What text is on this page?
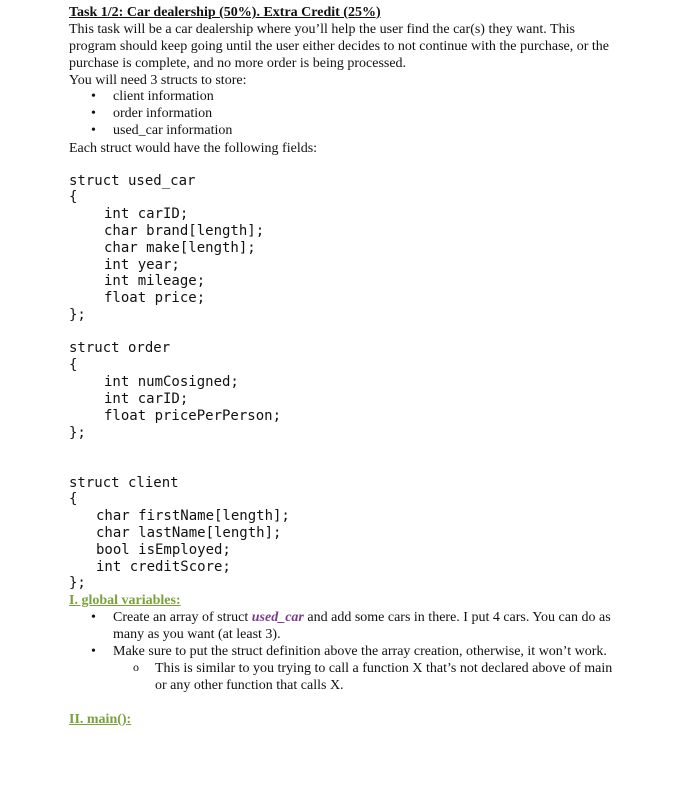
Task 1/2: Car dealership (50%). Extra Credit (25%)
This task will be a car dealership where you’ll help the user find the car(s) they want. This
program should keep going until the user either decides to not continue with the purchase, or the
purchase is complete, and no more order is being processed.
You will need 3 structs to store:
• client information
• order information
• used_car information
Each struct would have the following fields:
struct used_car
{
int carID;
char brand[length];
char make[length];
int year;
int mileage;
float price;
};
struct order
{
int numCosigned;
int carID;
float pricePerPerson;
};
struct client
{
char firstName[length];
char lastName[length];
bool isEmployed;
int creditScore;
};
I. global variables:
• Create an array of struct used_car and add some cars in there. I put 4 cars. You can do as
many as you want (at least 3).
• Make sure to put the struct definition above the array creation, otherwise, it won’t work.
o This is similar to you trying to call a function X that’s not declared above of main
or any other function that calls X.
II. main():
